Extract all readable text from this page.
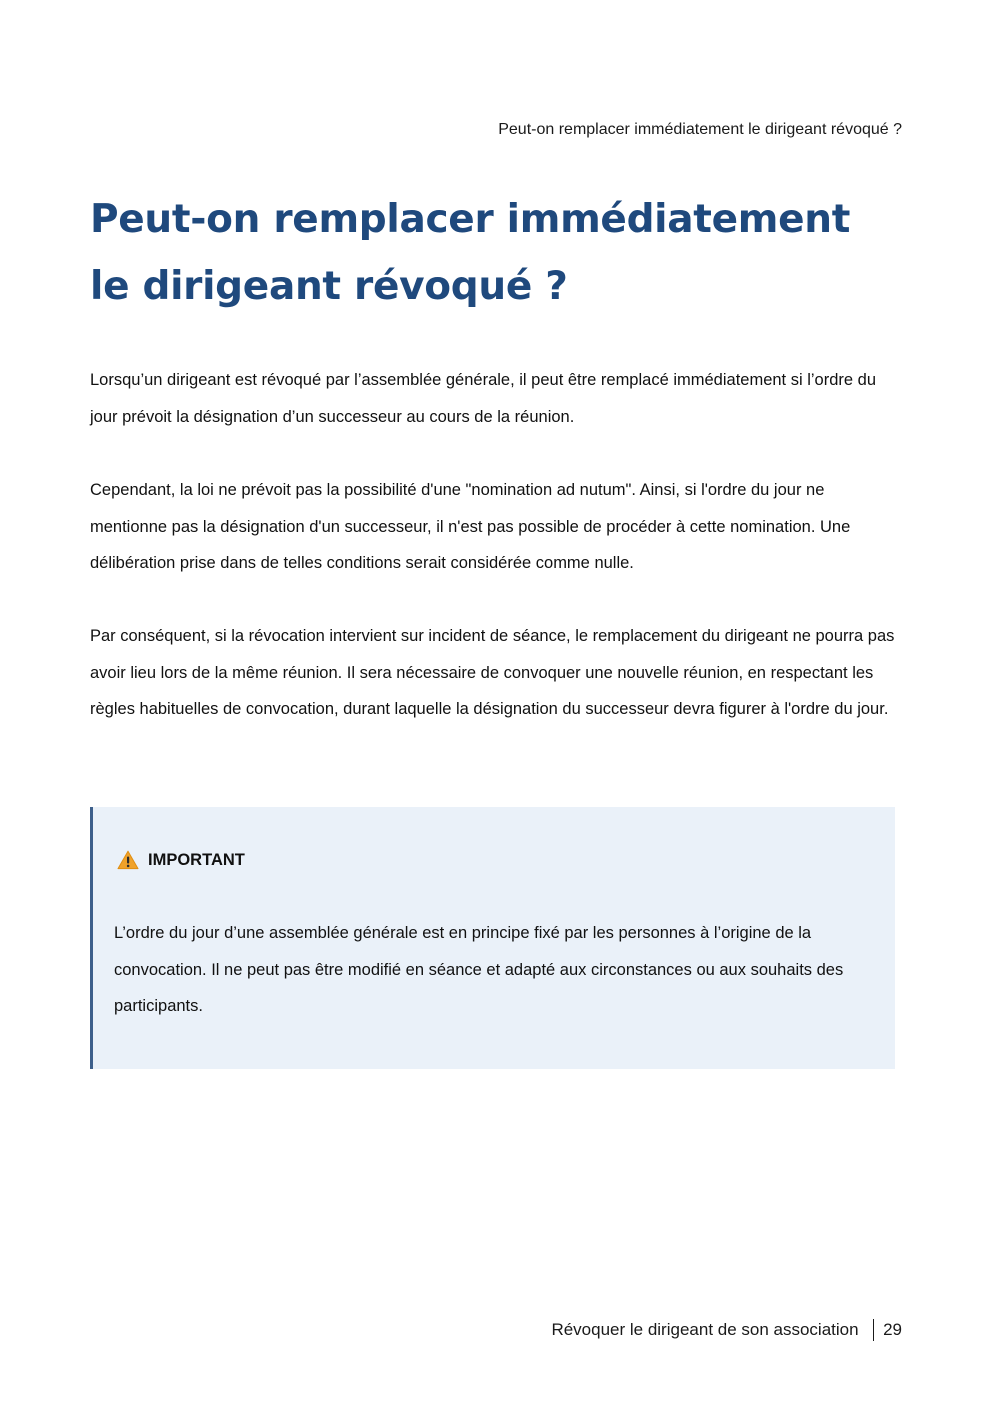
Peut-on remplacer immédiatement le dirigeant révoqué ?
Peut-on remplacer immédiatement le dirigeant révoqué ?

Lorsqu’un dirigeant est révoqué par l’assemblée générale, il peut être remplacé immédiatement si l’ordre du jour prévoit la désignation d’un successeur au cours de la réunion.

Cependant, la loi ne prévoit pas la possibilité d'une "nomination ad nutum". Ainsi, si l'ordre du jour ne mentionne pas la désignation d'un successeur, il n'est pas possible de procéder à cette nomination. Une délibération prise dans de telles conditions serait considérée comme nulle.

Par conséquent, si la révocation intervient sur incident de séance, le remplacement du dirigeant ne pourra pas avoir lieu lors de la même réunion. Il sera nécessaire de convoquer une nouvelle réunion, en respectant les règles habituelles de convocation, durant laquelle la désignation du successeur devra figurer à l'ordre du jour.

IMPORTANT

L’ordre du jour d’une assemblée générale est en principe fixé par les personnes à l’origine de la convocation. Il ne peut pas être modifié en séance et adapté aux circonstances ou aux souhaits des participants.

Révoquer le dirigeant de son association 29
